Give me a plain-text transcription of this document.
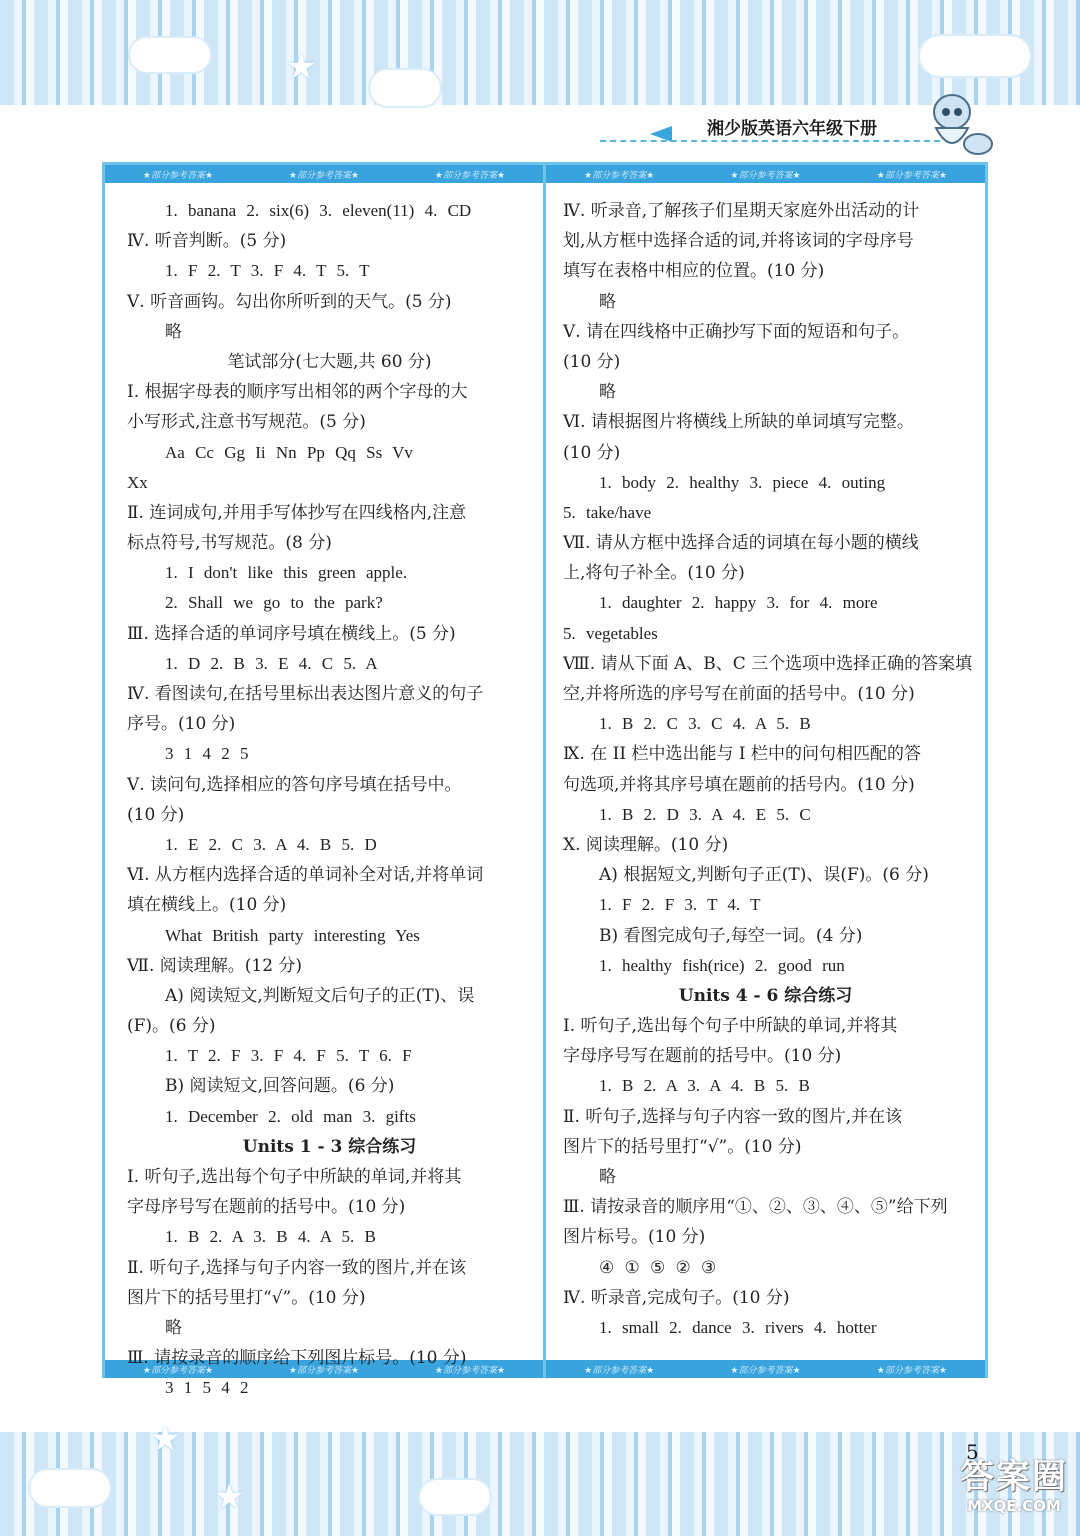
★
★
★
湘少版英语六年级下册
★部分参考答案★	★部分参考答案★	★部分参考答案★	★部分参考答案★	★部分参考答案★	★部分参考答案★
★部分参考答案★	★部分参考答案★	★部分参考答案★	★部分参考答案★	★部分参考答案★	★部分参考答案★
1. banana 2. six(6) 3. eleven(11) 4. CD
Ⅳ. 听音判断。(5 分)
1. F 2. T 3. F 4. T 5. T
Ⅴ. 听音画钩。勾出你所听到的天气。(5 分)
略
笔试部分(七大题,共 60 分)
Ⅰ. 根据字母表的顺序写出相邻的两个字母的大
小写形式,注意书写规范。(5 分)
Aa Cc Gg Ii Nn Pp Qq Ss Vv
Xx
Ⅱ. 连词成句,并用手写体抄写在四线格内,注意
标点符号,书写规范。(8 分)
1. I don't like this green apple.
2. Shall we go to the park?
Ⅲ. 选择合适的单词序号填在横线上。(5 分)
1. D 2. B 3. E 4. C 5. A
Ⅳ. 看图读句,在括号里标出表达图片意义的句子
序号。(10 分)
3 1 4 2 5
Ⅴ. 读问句,选择相应的答句序号填在括号中。
(10 分)
1. E 2. C 3. A 4. B 5. D
Ⅵ. 从方框内选择合适的单词补全对话,并将单词
填在横线上。(10 分)
What British party interesting Yes
Ⅶ. 阅读理解。(12 分)
A) 阅读短文,判断短文后句子的正(T)、误
(F)。(6 分)
1. T 2. F 3. F 4. F 5. T 6. F
B) 阅读短文,回答问题。(6 分)
1. December 2. old man 3. gifts
Units 1 - 3 综合练习
Ⅰ. 听句子,选出每个句子中所缺的单词,并将其
字母序号写在题前的括号中。(10 分)
1. B 2. A 3. B 4. A 5. B
Ⅱ. 听句子,选择与句子内容一致的图片,并在该
图片下的括号里打“√”。(10 分)
略
Ⅲ. 请按录音的顺序给下列图片标号。(10 分)
3 1 5 4 2
Ⅳ. 听录音,了解孩子们星期天家庭外出活动的计
划,从方框中选择合适的词,并将该词的字母序号
填写在表格中相应的位置。(10 分)
略
Ⅴ. 请在四线格中正确抄写下面的短语和句子。
(10 分)
略
Ⅵ. 请根据图片将横线上所缺的单词填写完整。
(10 分)
1. body 2. healthy 3. piece 4. outing
5. take/have
Ⅶ. 请从方框中选择合适的词填在每小题的横线
上,将句子补全。(10 分)
1. daughter 2. happy 3. for 4. more
5. vegetables
Ⅷ. 请从下面 A、B、C 三个选项中选择正确的答案填
空,并将所选的序号写在前面的括号中。(10 分)
1. B 2. C 3. C 4. A 5. B
Ⅸ. 在 II 栏中选出能与 I 栏中的问句相匹配的答
句选项,并将其序号填在题前的括号内。(10 分)
1. B 2. D 3. A 4. E 5. C
Ⅹ. 阅读理解。(10 分)
A) 根据短文,判断句子正(T)、误(F)。(6 分)
1. F 2. F 3. T 4. T
B) 看图完成句子,每空一词。(4 分)
1. healthy fish(rice) 2. good run
Units 4 - 6 综合练习
Ⅰ. 听句子,选出每个句子中所缺的单词,并将其
字母序号写在题前的括号中。(10 分)
1. B 2. A 3. A 4. B 5. B
Ⅱ. 听句子,选择与句子内容一致的图片,并在该
图片下的括号里打“√”。(10 分)
略
Ⅲ. 请按录音的顺序用“①、②、③、④、⑤”给下列
图片标号。(10 分)
④ ① ⑤ ② ③
Ⅳ. 听录音,完成句子。(10 分)
1. small 2. dance 3. rivers 4. hotter
5
答案圈
MXQE.COM
